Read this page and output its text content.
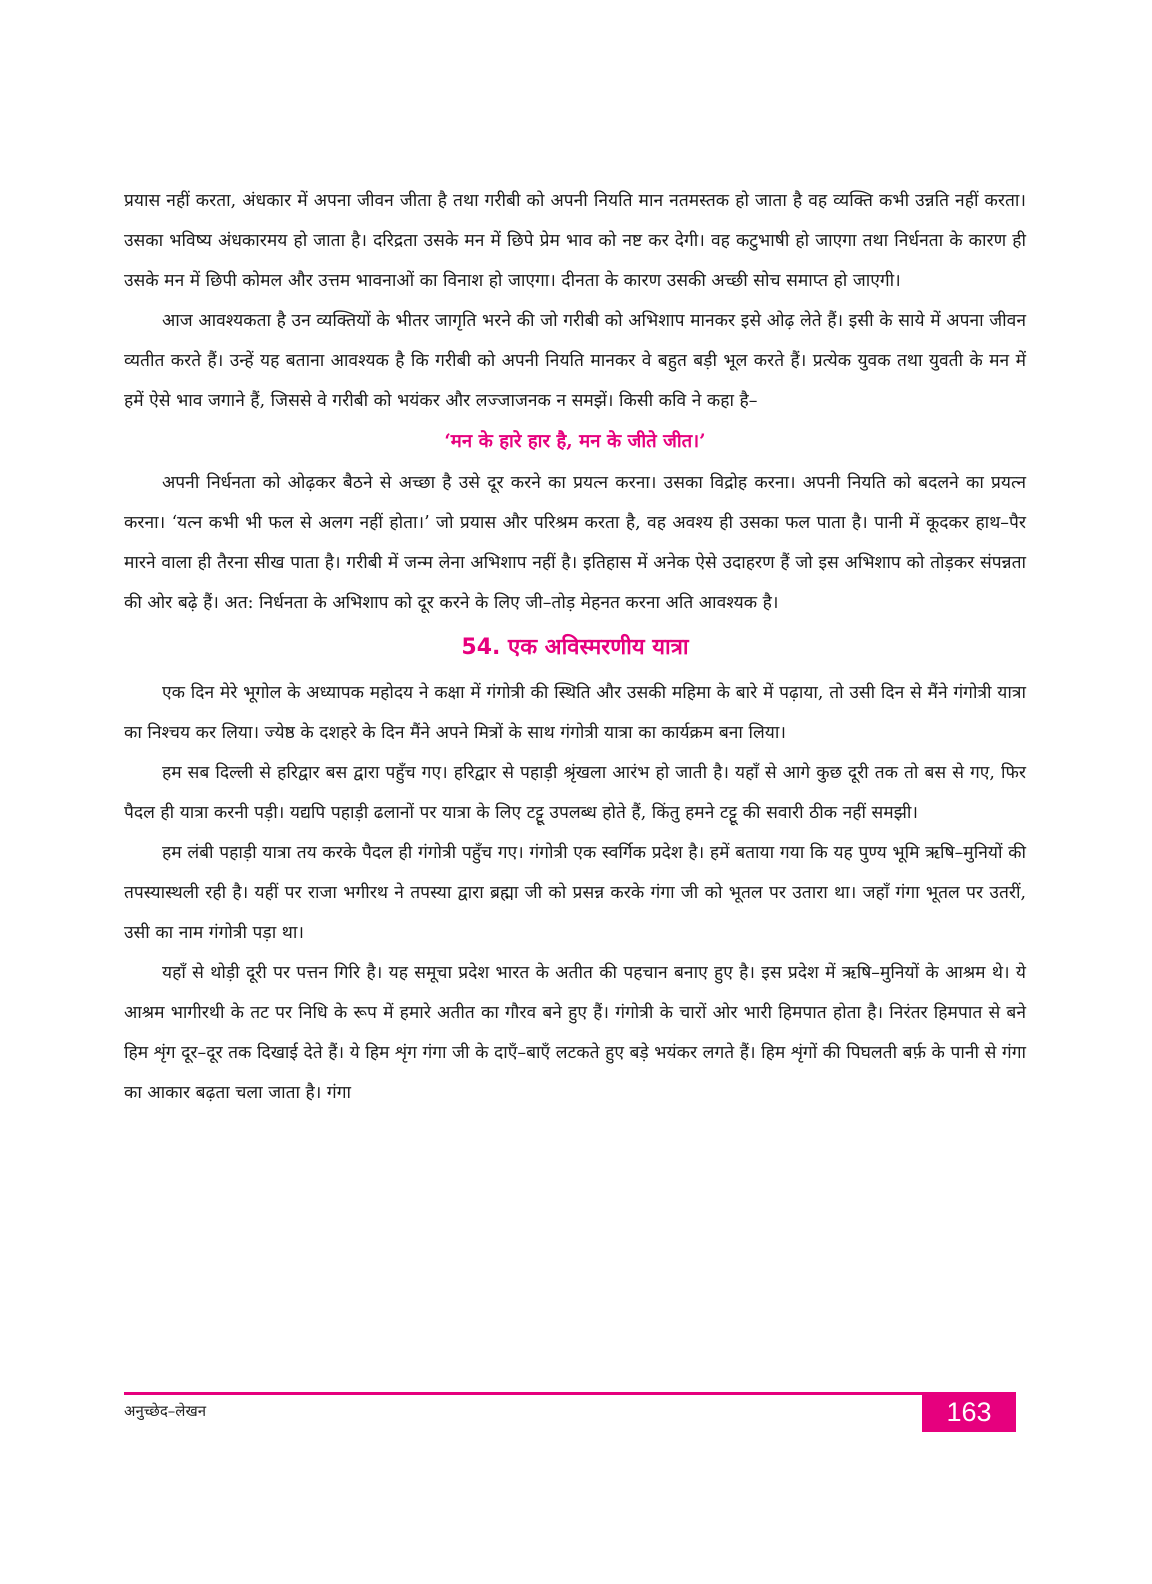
प्रयास नहीं करता, अंधकार में अपना जीवन जीता है तथा गरीबी को अपनी नियति मान नतमस्तक हो जाता है वह व्यक्ति कभी उन्नति नहीं करता। उसका भविष्य अंधकारमय हो जाता है। दरिद्रता उसके मन में छिपे प्रेम भाव को नष्ट कर देगी। वह कटुभाषी हो जाएगा तथा निर्धनता के कारण ही उसके मन में छिपी कोमल और उत्तम भावनाओं का विनाश हो जाएगा। दीनता के कारण उसकी अच्छी सोच समाप्त हो जाएगी।

आज आवश्यकता है उन व्यक्तियों के भीतर जागृति भरने की जो गरीबी को अभिशाप मानकर इसे ओढ़ लेते हैं। इसी के साये में अपना जीवन व्यतीत करते हैं। उन्हें यह बताना आवश्यक है कि गरीबी को अपनी नियति मानकर वे बहुत बड़ी भूल करते हैं। प्रत्येक युवक तथा युवती के मन में हमें ऐसे भाव जगाने हैं, जिससे वे गरीबी को भयंकर और लज्जाजनक न समझें। किसी कवि ने कहा है–

‘मन के हारे हार है, मन के जीते जीत।’

अपनी निर्धनता को ओढ़कर बैठने से अच्छा है उसे दूर करने का प्रयत्न करना। उसका विद्रोह करना। अपनी नियति को बदलने का प्रयत्न करना। ‘यत्न कभी भी फल से अलग नहीं होता।’ जो प्रयास और परिश्रम करता है, वह अवश्य ही उसका फल पाता है। पानी में कूदकर हाथ–पैर मारने वाला ही तैरना सीख पाता है। गरीबी में जन्म लेना अभिशाप नहीं है। इतिहास में अनेक ऐसे उदाहरण हैं जो इस अभिशाप को तोड़कर संपन्नता की ओर बढ़े हैं। अत: निर्धनता के अभिशाप को दूर करने के लिए जी–तोड़ मेहनत करना अति आवश्यक है।

54. एक अविस्मरणीय यात्रा

एक दिन मेरे भूगोल के अध्यापक महोदय ने कक्षा में गंगोत्री की स्थिति और उसकी महिमा के बारे में पढ़ाया, तो उसी दिन से मैंने गंगोत्री यात्रा का निश्चय कर लिया। ज्येष्ठ के दशहरे के दिन मैंने अपने मित्रों के साथ गंगोत्री यात्रा का कार्यक्रम बना लिया।

हम सब दिल्ली से हरिद्वार बस द्वारा पहुँच गए। हरिद्वार से पहाड़ी श्रृंखला आरंभ हो जाती है। यहाँ से आगे कुछ दूरी तक तो बस से गए, फिर पैदल ही यात्रा करनी पड़ी। यद्यपि पहाड़ी ढलानों पर यात्रा के लिए टट्टू उपलब्ध होते हैं, किंतु हमने टट्टू की सवारी ठीक नहीं समझी।

हम लंबी पहाड़ी यात्रा तय करके पैदल ही गंगोत्री पहुँच गए। गंगोत्री एक स्वर्गिक प्रदेश है। हमें बताया गया कि यह पुण्य भूमि ऋषि–मुनियों की तपस्यास्थली रही है। यहीं पर राजा भगीरथ ने तपस्या द्वारा ब्रह्मा जी को प्रसन्न करके गंगा जी को भूतल पर उतारा था। जहाँ गंगा भूतल पर उतरीं, उसी का नाम गंगोत्री पड़ा था।

यहाँ से थोड़ी दूरी पर पत्तन गिरि है। यह समूचा प्रदेश भारत के अतीत की पहचान बनाए हुए है। इस प्रदेश में ऋषि–मुनियों के आश्रम थे। ये आश्रम भागीरथी के तट पर निधि के रूप में हमारे अतीत का गौरव बने हुए हैं। गंगोत्री के चारों ओर भारी हिमपात होता है। निरंतर हिमपात से बने हिम शृंग दूर–दूर तक दिखाई देते हैं। ये हिम शृंग गंगा जी के दाएँ–बाएँ लटकते हुए बड़े भयंकर लगते हैं। हिम शृंगों की पिघलती बर्फ़ के पानी से गंगा का आकार बढ़ता चला जाता है। गंगा

अनुच्छेद–लेखन	163
